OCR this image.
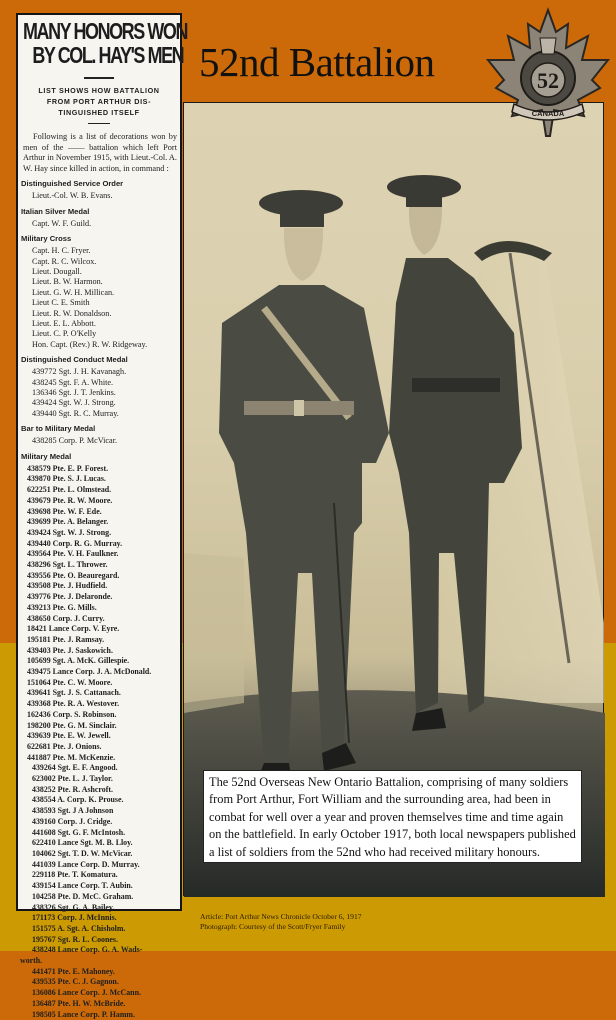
MANY HONORS WON
BY COL. HAY'S MEN
LIST SHOWS HOW BATTALION
FROM PORT ARTHUR DIS-
TINGUISHED ITSELF
Following is a list of decorations won by men of the —— battalion which left Port Arthur in November 1915, with Lieut.-Col. A. W. Hay since killed in action, in command :
Distinguished Service Order
Lieut.-Col. W. B. Evans.
Italian Silver Medal
Capt. W. F. Guild.
Military Cross
Capt. H. C. Fryer.
Capt. R. C. Wilcox.
Lieut. Dougall.
Lieut. B. W. Harmon.
Lieut. G. W. H. Millican.
Lieut C. E. Smith
Lieut. R. W. Donaldson.
Lieut. E. L. Abbott.
Lieut. C. P. O'Kelly
Hon. Capt. (Rev.) R. W. Ridgeway.
Distinguished Conduct Medal
439772 Sgt. J. H. Kavanagh.
438245 Sgt. F. A. White.
136346 Sgt. J. T. Jenkins.
439424 Sgt. W. J. Strong.
439440 Sgt. R. C. Murray.
Bar to Military Medal
438285 Corp. P. McVicar.
Military Medal
438579 Pte. E. P. Forest.
439870 Pte. S. J. Lucas.
622251 Pte. L. Olmstead.
439679 Pte. R. W. Moore.
439698 Pte. W. F. Ede.
439699 Pte. A. Belanger.
439424 Sgt. W. J. Strong.
439440 Corp. R. G. Murray.
439564 Pte. V. H. Faulkner.
438296 Sgt. L. Thrower.
439556 Pte. O. Beauregard.
439508 Pte. J. Hudfield.
439776 Pte. J. Delaronde.
439213 Pte. G. Mills.
438650 Corp. J. Curry.
18421 Lance Corp. V. Eyre.
195181 Pte. J. Ramsay.
439403 Pte. J. Saskowich.
105699 Sgt. A. McK. Gillespie.
439475 Lance Corp. J. A. McDonald.
151064 Pte. C. W. Moore.
439641 Sgt. J. S. Cattanach.
439368 Pte. R. A. Westover.
162436 Corp. S. Robinson.
198200 Pte. G. M. Sinclair.
439639 Pte. E. W. Jewell.
622681 Pte. J. Onions.
441887 Pte. M. McKenzie.
439264 Sgt. E. F. Angood.
623002 Pte. L. J. Taylor.
438252 Pte. R. Ashcroft.
438554 A. Corp. K. Prouse.
438593 Sgt. J A Johnson
439160 Corp. J. Cridge.
441608 Sgt. G. F. McIntosh.
622410 Lance Sgt. M. B. Lloy.
104062 Sgt. T. D. W. McVicar.
441039 Lance Corp. D. Murray.
229118 Pte. T. Komatura.
439154 Lance Corp. T. Aubin.
104258 Pte. D. McC. Graham.
438326 Sgt. G. A. Bailey.
171173 Corp. J. McInnis.
151575 A. Sgt. A. Chisholm.
195767 Sgt. R. L. Coones.
438248 Lance Corp. G. A. Wads-
worth.
441471 Pte. E. Mahoney.
439535 Pte. C. J. Gagnon.
136086 Lance Corp. J. McCann.
136487 Pte. H. W. McBride.
198505 Lance Corp. P. Hamm.
52nd Battalion
The 52nd Overseas New Ontario Battalion, comprising of many soldiers from Port Arthur, Fort William and the surrounding area, had been in combat for well over a year and proven themselves time and time again on the battlefield. In early October 1917, both local newspapers published a list of soldiers from the 52nd who had received military honours.
52
CANADA
Article: Port Arthur News Chronicle October 6, 1917
Photograph: Courtesy of the Scott/Fryer Family
